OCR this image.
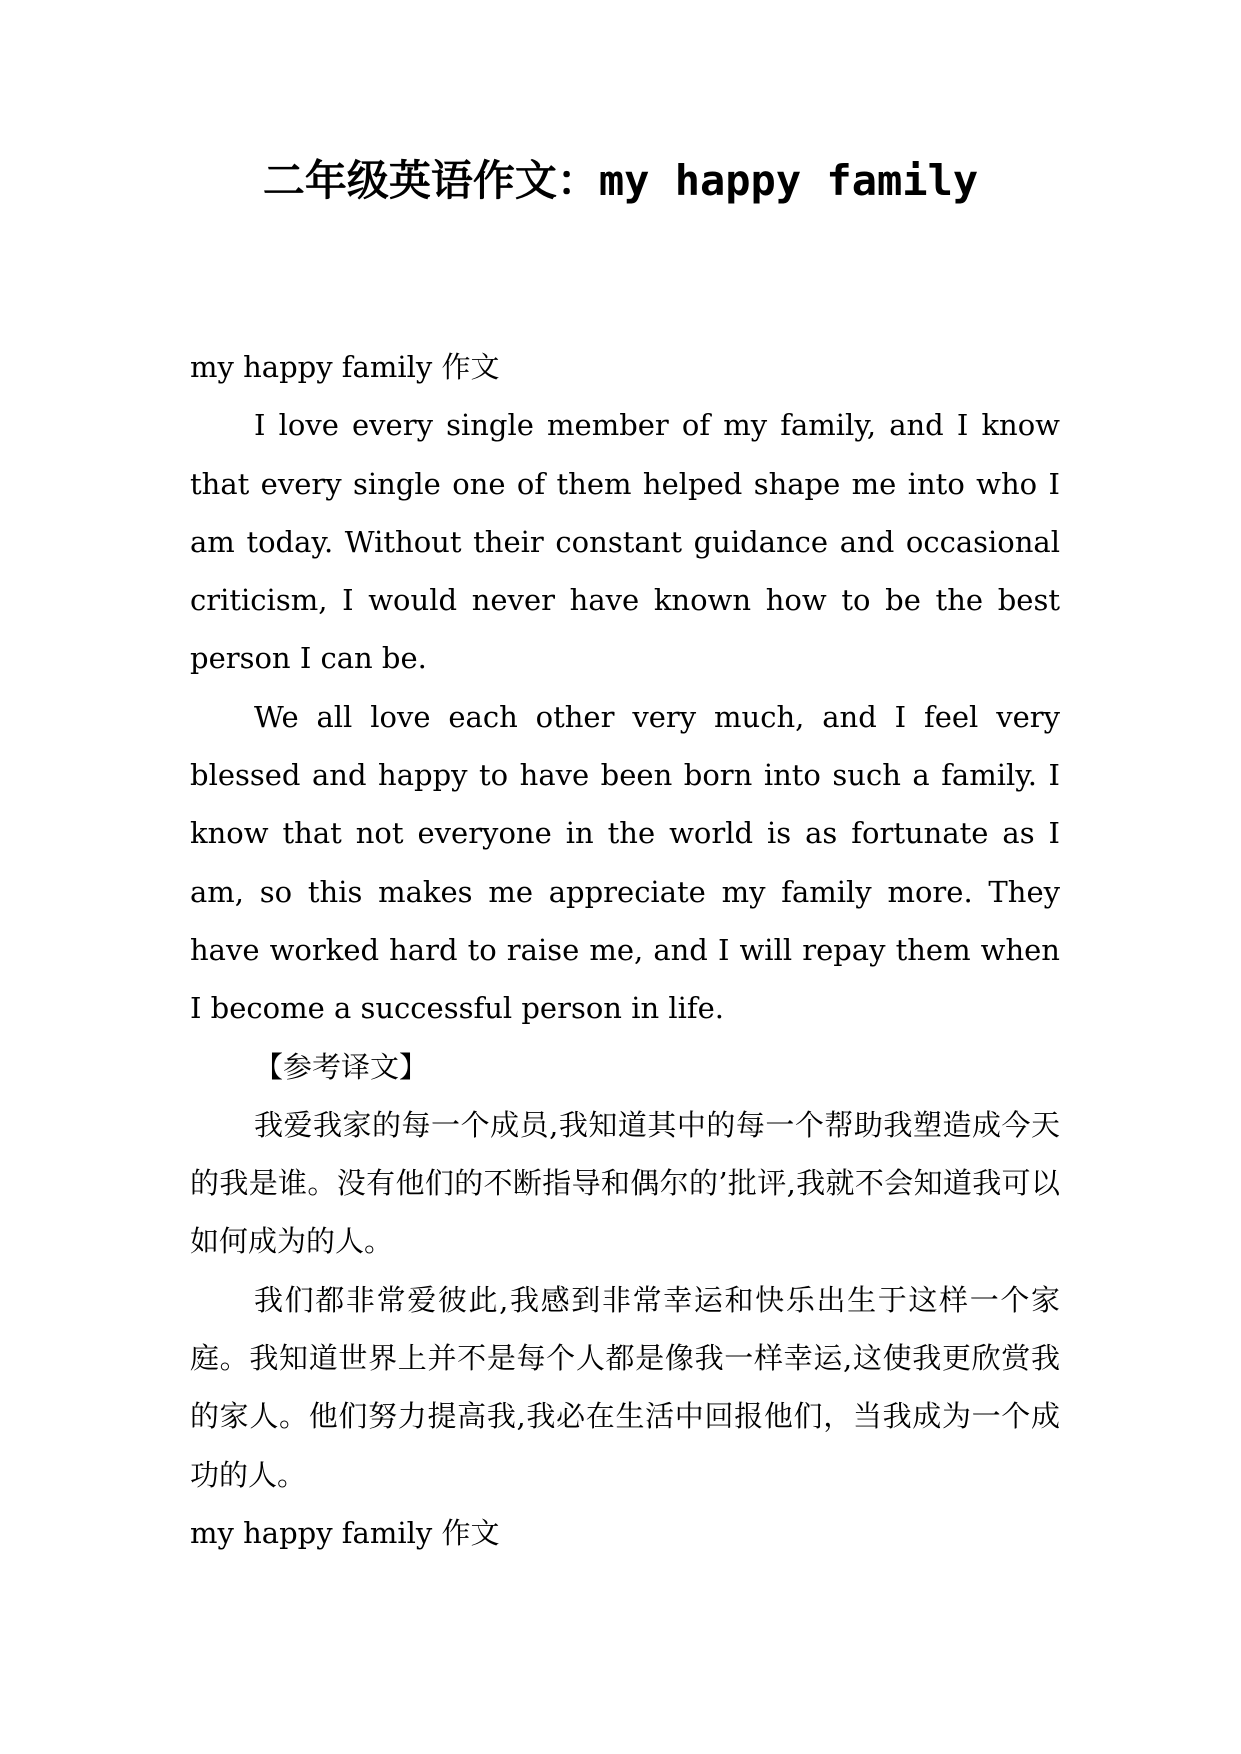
二年级英语作文：my happy family

my happy family 作文

I love every single member of my family, and I know that every single one of them helped shape me into who I am today. Without their constant guidance and occasional criticism, I would never have known how to be the best person I can be.

We all love each other very much, and I feel very blessed and happy to have been born into such a family. I know that not everyone in the world is as fortunate as I am, so this makes me appreciate my family more. They have worked hard to raise me, and I will repay them when I become a successful person in life.

【参考译文】

我爱我家的每一个成员,我知道其中的每一个帮助我塑造成今天的我是谁。没有他们的不断指导和偶尔的’批评,我就不会知道我可以如何成为的人。

我们都非常爱彼此,我感到非常幸运和快乐出生于这样一个家庭。我知道世界上并不是每个人都是像我一样幸运,这使我更欣赏我的家人。他们努力提高我,我必在生活中回报他们，当我成为一个成功的人。

my happy family 作文
